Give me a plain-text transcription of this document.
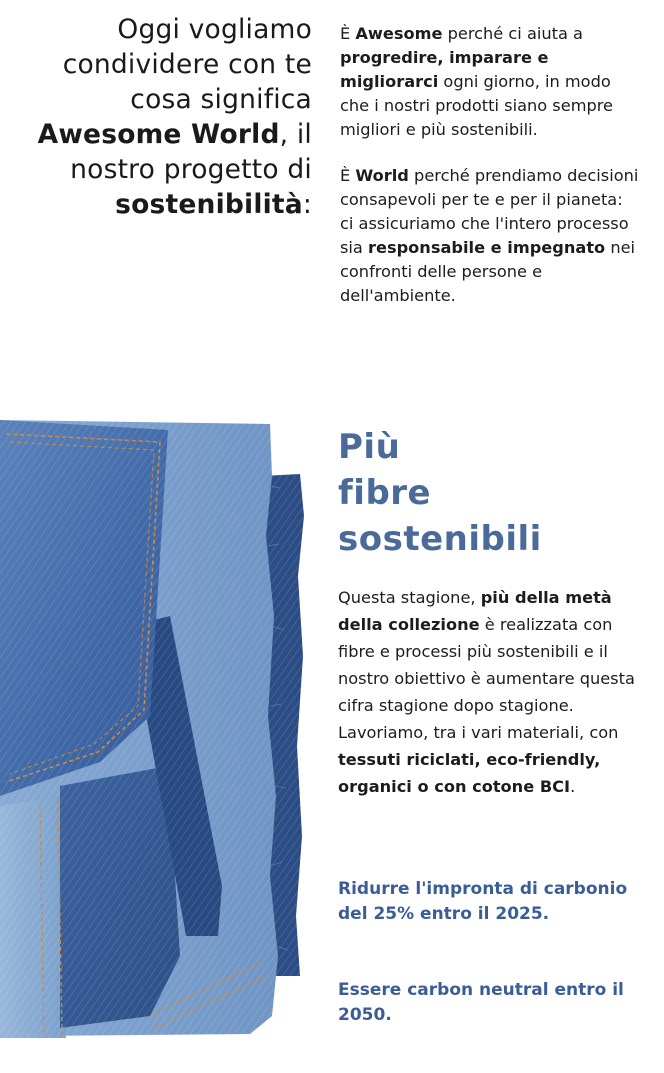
Oggi vogliamo
condividere con te
cosa significa
Awesome World, il
nostro progetto di
sostenibilità:

È Awesome perché ci aiuta a progredire, imparare e migliorarci ogni giorno, in modo che i nostri prodotti siano sempre migliori e più sostenibili.

È World perché prendiamo decisioni consapevoli per te e per il pianeta: ci assicuriamo che l'intero processo sia responsabile e impegnato nei confronti delle persone e dell'ambiente.

Più
fibre
sostenibili

Questa stagione, più della metà della collezione è realizzata con fibre e processi più sostenibili e il nostro obiettivo è aumentare questa cifra stagione dopo stagione. Lavoriamo, tra i vari materiali, con tessuti riciclati, eco-friendly, organici o con cotone BCI.

Ridurre l'impronta di carbonio del 25% entro il 2025.

Essere carbon neutral entro il 2050.
